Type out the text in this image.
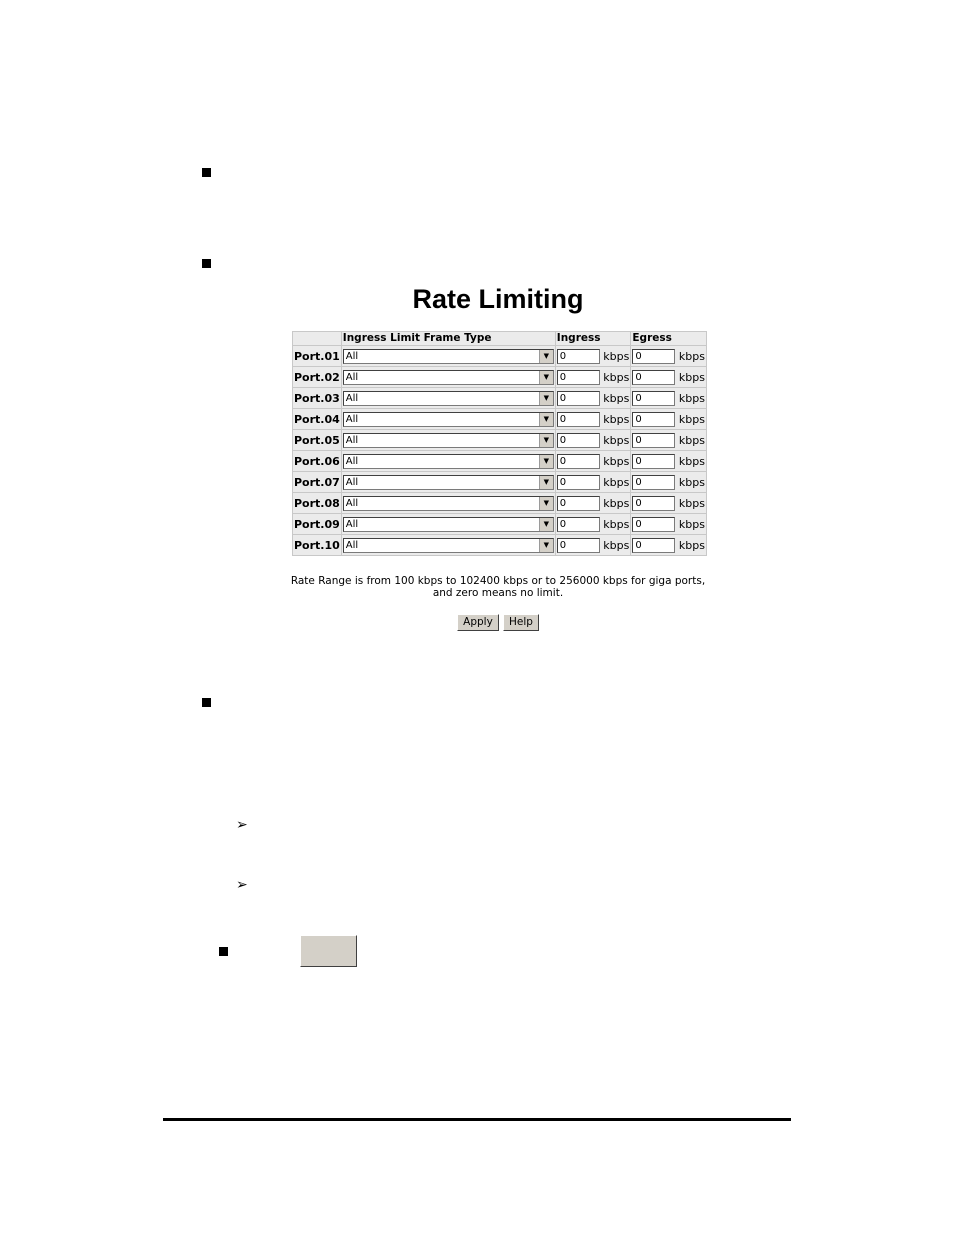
➢
➢
Rate Limiting
	Ingress Limit Frame Type	Ingress	Egress
Port.01	All ▼	0 kbps	0 kbps
Port.02	All ▼	0 kbps	0 kbps
Port.03	All ▼	0 kbps	0 kbps
Port.04	All ▼	0 kbps	0 kbps
Port.05	All ▼	0 kbps	0 kbps
Port.06	All ▼	0 kbps	0 kbps
Port.07	All ▼	0 kbps	0 kbps
Port.08	All ▼	0 kbps	0 kbps
Port.09	All ▼	0 kbps	0 kbps
Port.10	All ▼	0 kbps	0 kbps
Rate Range is from 100 kbps to 102400 kbps or to 256000 kbps for giga ports,
and zero means no limit.
Apply	Help
